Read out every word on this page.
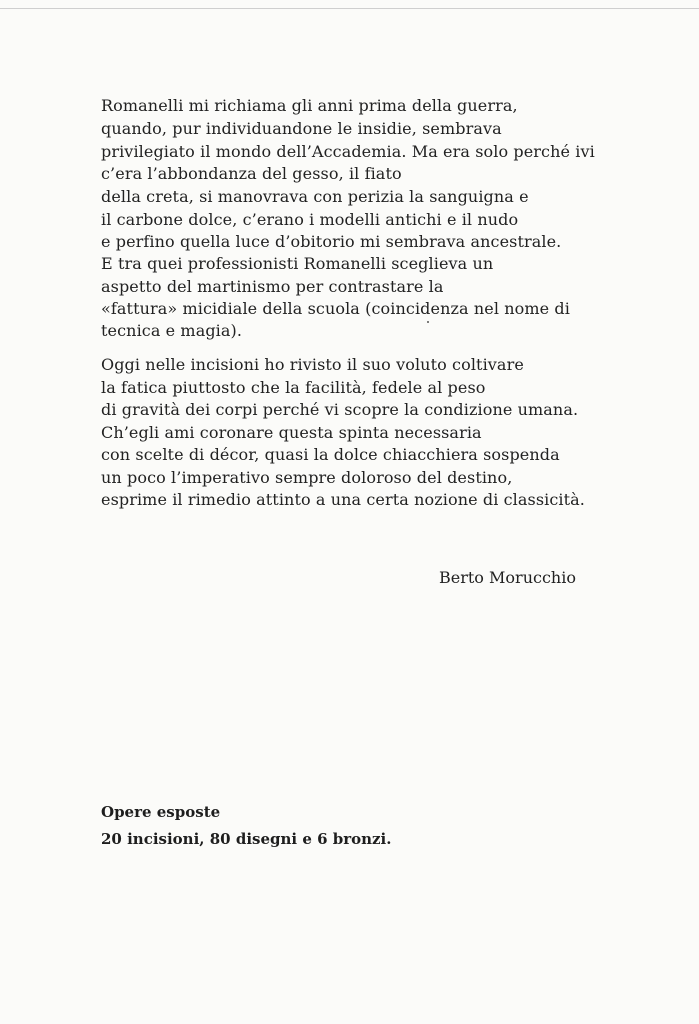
Romanelli mi richiama gli anni prima della guerra,

quando, pur individuandone le insidie, sembrava

privilegiato il mondo dell’Accademia. Ma era solo perché ivi

c’era l’abbondanza del gesso, il fiato

della creta, si manovrava con perizia la sanguigna e

il carbone dolce, c’erano i modelli antichi e il nudo

e perfino quella luce d’obitorio mi sembrava ancestrale.

E tra quei professionisti Romanelli sceglieva un

aspetto del martinismo per contrastare la

«fattura» micidiale della scuola (coincidenza nel nome di

tecnica e magia).

Oggi nelle incisioni ho rivisto il suo voluto coltivare

la fatica piuttosto che la facilità, fedele al peso

di gravità dei corpi perché vi scopre la condizione umana.

Ch’egli ami coronare questa spinta necessaria

con scelte di décor, quasi la dolce chiacchiera sospenda

un poco l’imperativo sempre doloroso del destino,

esprime il rimedio attinto a una certa nozione di classicità.

Berto Morucchio
Opere esposte
20 incisioni, 80 disegni e 6 bronzi.
